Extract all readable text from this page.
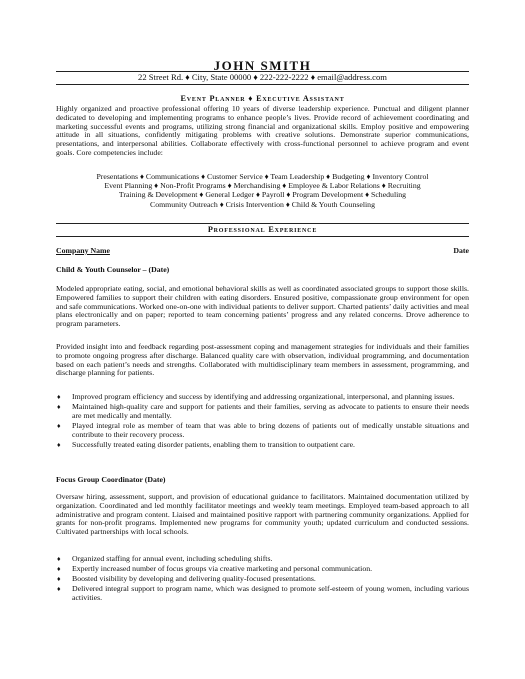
JOHN SMITH
22 Street Rd. ♦ City, State 00000 ♦ 222-222-2222 ♦ email@address.com
Event Planner ♦ Executive Assistant

Highly organized and proactive professional offering 10 years of diverse leadership experience. Punctual and diligent planner dedicated to developing and implementing programs to enhance people’s lives. Provide record of achievement coordinating and marketing successful events and programs, utilizing strong financial and organizational skills. Employ positive and empowering attitude in all situations, confidently mitigating problems with creative solutions. Demonstrate superior communications, presentations, and interpersonal abilities. Collaborate effectively with cross-functional personnel to achieve program and event goals. Core competencies include:

Presentations ♦ Communications ♦ Customer Service ♦ Team Leadership ♦ Budgeting ♦ Inventory Control
Event Planning ♦ Non-Profit Programs ♦ Merchandising ♦ Employee & Labor Relations ♦ Recruiting
Training & Development ♦ General Ledger ♦ Payroll ♦ Program Development ♦ Scheduling
Community Outreach ♦ Crisis Intervention ♦ Child & Youth Counseling
Professional Experience
Company Name	Date
Child & Youth Counselor – (Date)

Modeled appropriate eating, social, and emotional behavioral skills as well as coordinated associated groups to support those skills. Empowered families to support their children with eating disorders. Ensured positive, compassionate group environment for open and safe communications. Worked one-on-one with individual patients to deliver support. Charted patients’ daily activities and meal plans electronically and on paper; reported to team concerning patients’ progress and any related concerns. Drove adherence to program parameters.

Provided insight into and feedback regarding post-assessment coping and management strategies for individuals and their families to promote ongoing progress after discharge. Balanced quality care with observation, individual programming, and documentation based on each patient’s needs and strengths. Collaborated with multidisciplinary team members in assessment, programming, and discharge planning for patients.

♦ Improved program efficiency and success by identifying and addressing organizational, interpersonal, and planning issues.
♦ Maintained high-quality care and support for patients and their families, serving as advocate to patients to ensure their needs are met medically and mentally.
♦ Played integral role as member of team that was able to bring dozens of patients out of medically unstable situations and contribute to their recovery process.
♦ Successfully treated eating disorder patients, enabling them to transition to outpatient care.
Focus Group Coordinator (Date)

Oversaw hiring, assessment, support, and provision of educational guidance to facilitators. Maintained documentation utilized by organization. Coordinated and led monthly facilitator meetings and weekly team meetings. Employed team-based approach to all administrative and program content. Liaised and maintained positive rapport with partnering community organizations. Applied for grants for non-profit programs. Implemented new programs for community youth; updated curriculum and conducted sessions. Cultivated partnerships with local schools.

♦ Organized staffing for annual event, including scheduling shifts.
♦ Expertly increased number of focus groups via creative marketing and personal communication.
♦ Boosted visibility by developing and delivering quality-focused presentations.
♦ Delivered integral support to program name, which was designed to promote self-esteem of young women, including various activities.
